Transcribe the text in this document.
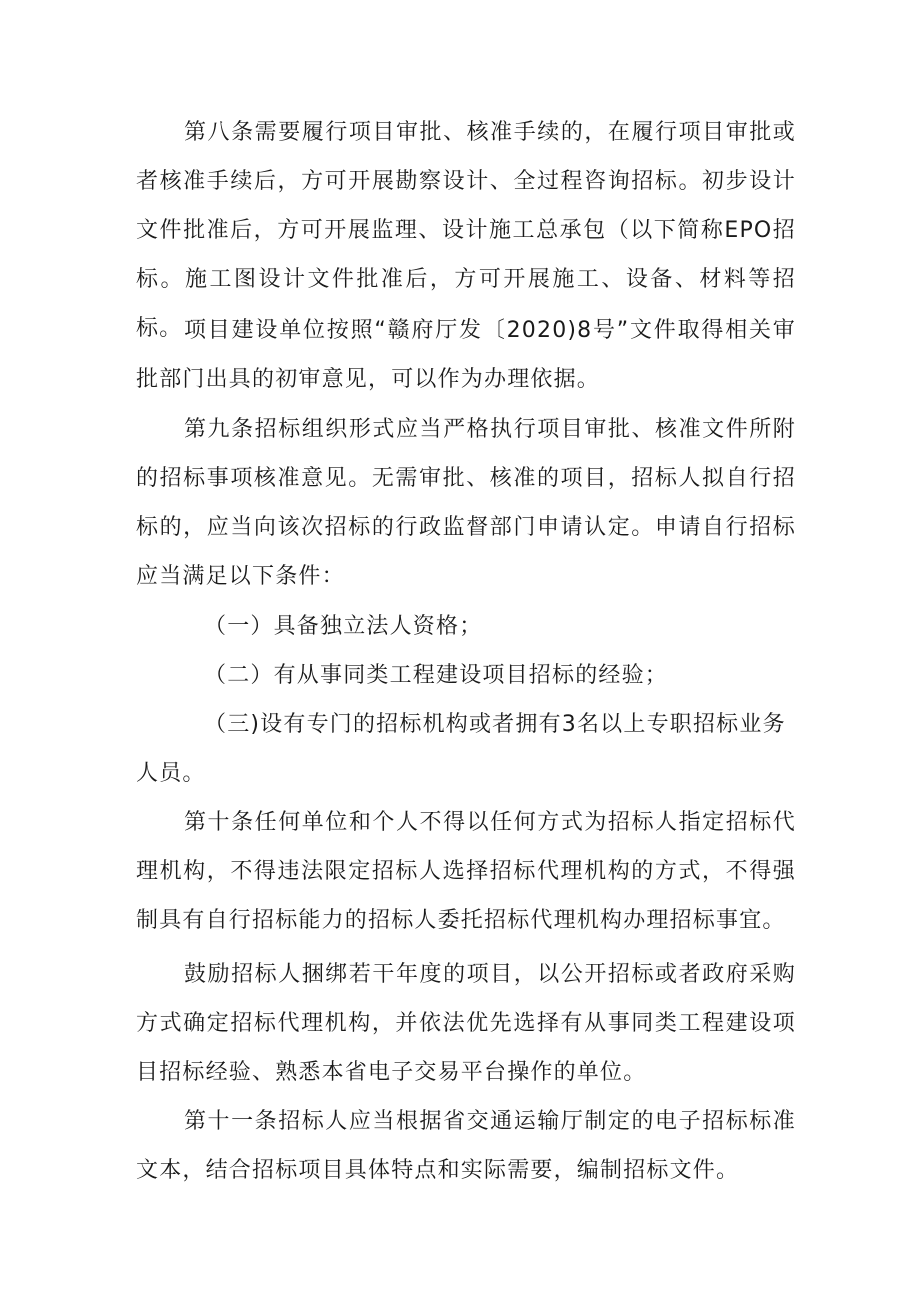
第八条需要履行项目审批、核准手续的，在履行项目审批或者核准手续后，方可开展勘察设计、全过程咨询招标。初步设计文件批准后，方可开展监理、设计施工总承包（以下简称EPO招标。施工图设计文件批准后，方可开展施工、设备、材料等招标。 项目建设单位按照“赣府厅发〔2020)8号”文件取得相关审批部门出具的初审意见，可以作为办理依据。

第九条招标组织形式应当严格执行项目审批、核准文件所附的招标事项核准意见。无需审批、核准的项目，招标人拟自行招标的，应当向该次招标的行政监督部门申请认定。申请自行招标应当满足以下条件：

（一）具备独立法人资格；

（二）有从事同类工程建设项目招标的经验；

（三)设有专门的招标机构或者拥有3名以上专职招标业务人员。

第十条任何单位和个人不得以任何方式为招标人指定招标代理机构，不得违法限定招标人选择招标代理机构的方式，不得强制具有自行招标能力的招标人委托招标代理机构办理招标事宜。

鼓励招标人捆绑若干年度的项目，以公开招标或者政府采购方式确定招标代理机构，并依法优先选择有从事同类工程建设项目招标经验、熟悉本省电子交易平台操作的单位。

第十一条招标人应当根据省交通运输厅制定的电子招标标准文本，结合招标项目具体特点和实际需要，编制招标文件。
